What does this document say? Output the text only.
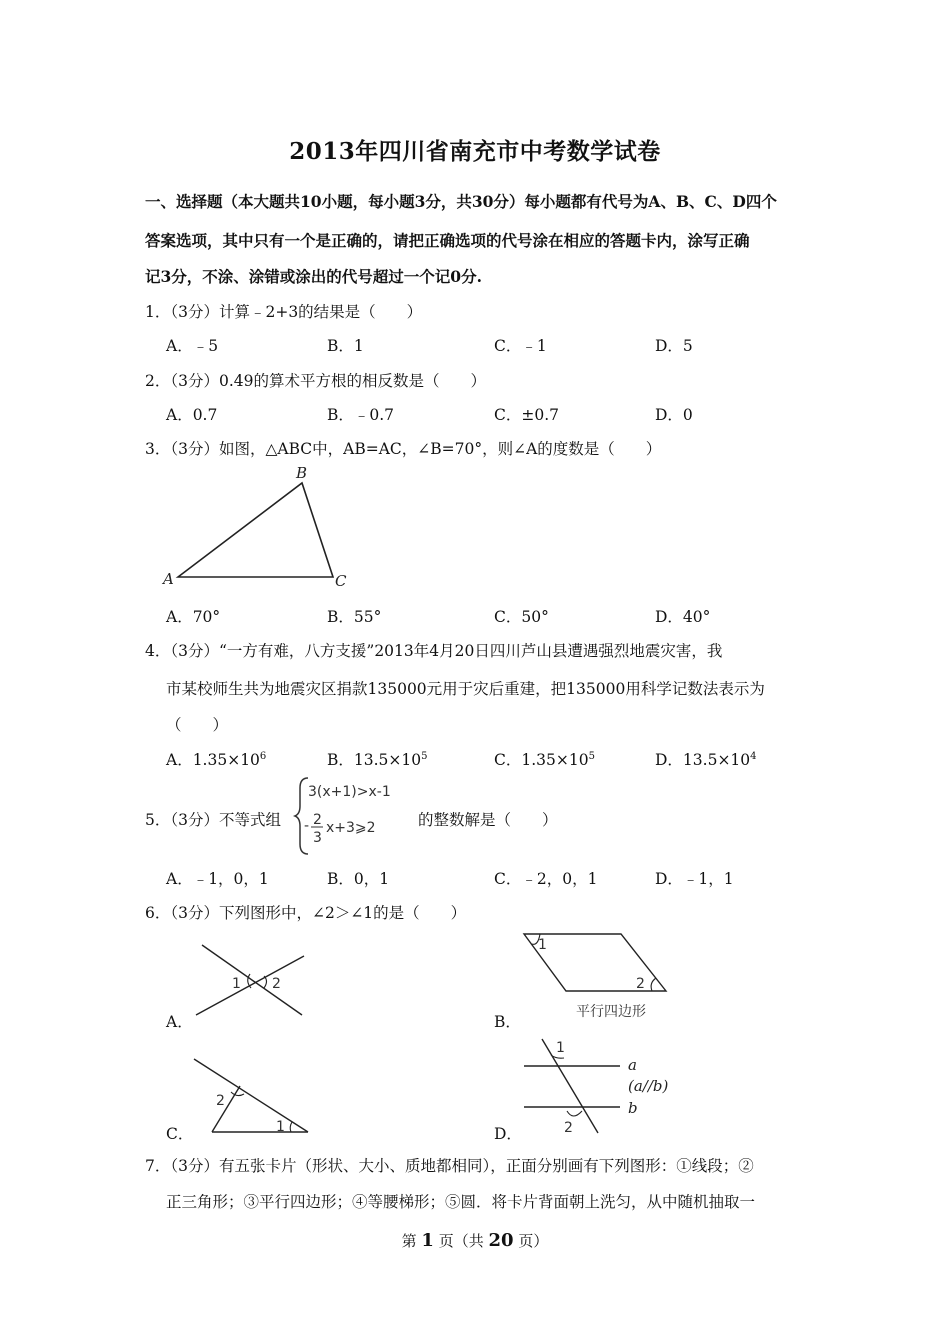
2013年四川省南充市中考数学试卷
一、选择题（本大题共10小题，每小题3分，共30分）每小题都有代号为A、B、C、D四个
答案选项，其中只有一个是正确的，请把正确选项的代号涂在相应的答题卡内，涂写正确
记3分，不涂、涂错或涂出的代号超过一个记0分.
1．（3分）计算﹣2+3的结果是（　　）
A．﹣5	B．1	C．﹣1	D．5
2．（3分）0.49的算术平方根的相反数是（　　）
A．0.7	B．﹣0.7	C．±0.7	D．0
3．（3分）如图，△ABC中，AB=AC，∠B=70°，则∠A的度数是（　　）
A
B
C
A．70°	B．55°	C．50°	D．40°
4．（3分）“一方有难，八方支援”2013年4月20日四川芦山县遭遇强烈地震灾害，我
市某校师生共为地震灾区捐款135000元用于灾后重建，把135000用科学记数法表示为
（　　）
A．$1.35\times 10^6$	B．$13.5\times 10^5$	C．$1.35\times 10^5$	D．$13.5\times 10^4$
5．（3分）不等式组
3(x+1)>x-1
- 2
3
x+3⩾2	的整数解是（　　）
A．﹣1，0，1	B．0，1	C．﹣2，0，1	D．﹣1，1
6．（3分）下列图形中，∠2＞∠1的是（　　）
1 2
A．
1
2
平行四边形
B．
2
1
C．
1
2
a
(a//b)
b
D．
7．（3分）有五张卡片（形状、大小、质地都相同），正面分别画有下列图形：①线段；②
正三角形；③平行四边形；④等腰梯形；⑤圆．将卡片背面朝上洗匀，从中随机抽取一
第 1 页（共 20 页）
